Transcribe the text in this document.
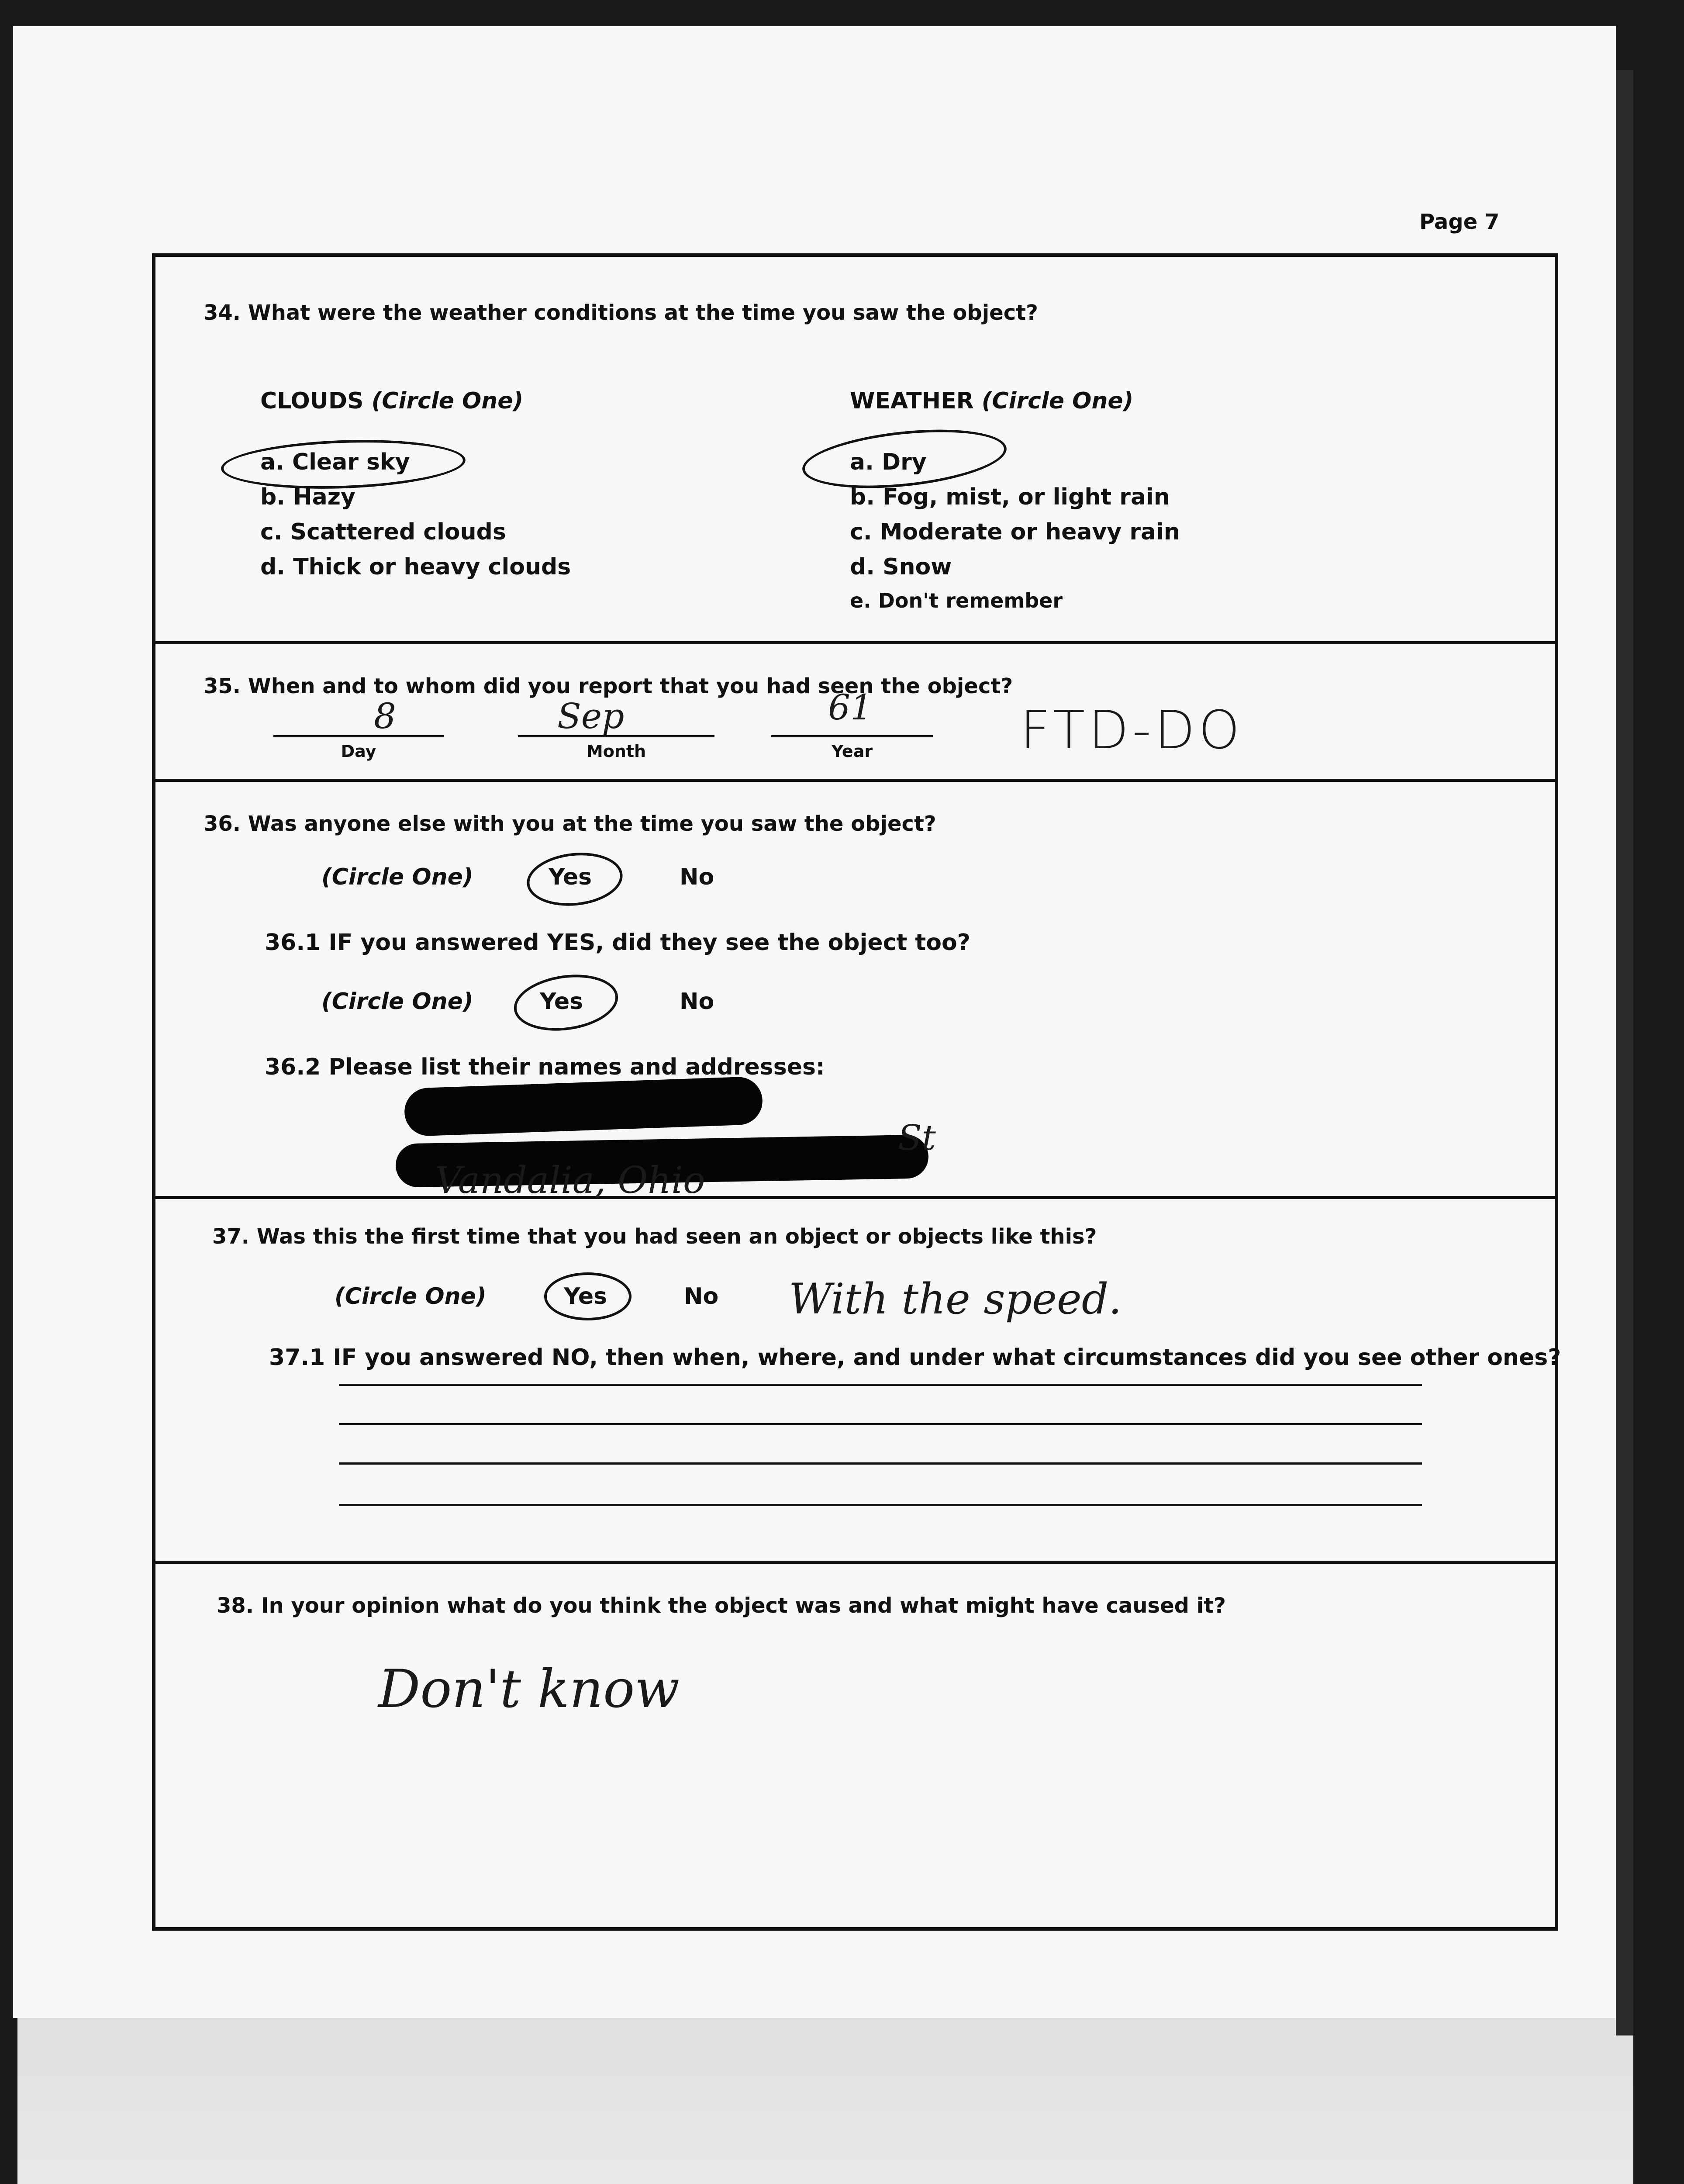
Page 7
34. What were the weather conditions at the time you saw the object?
CLOUDS (Circle One)
a. Clear sky
b. Hazy
c. Scattered clouds
d. Thick or heavy clouds
WEATHER (Circle One)
a. Dry
b. Fog, mist, or light rain
c. Moderate or heavy rain
d. Snow
e. Don't remember
35. When and to whom did you report that you had seen the object?
8
Day
Sep
Month
61
Year	FTD-DO
36. Was anyone else with you at the time you saw the object?
(Circle One)	Yes	No
36.1 IF you answered YES, did they see the object too?
(Circle One)	Yes	No
36.2 Please list their names and addresses:
St
Vandalia, Ohio
37. Was this the first time that you had seen an object or objects like this?
(Circle One)	Yes	No With the speed.
37.1 IF you answered NO, then when, where, and under what circumstances did you see other ones?
38. In your opinion what do you think the object was and what might have caused it?
Don't know
